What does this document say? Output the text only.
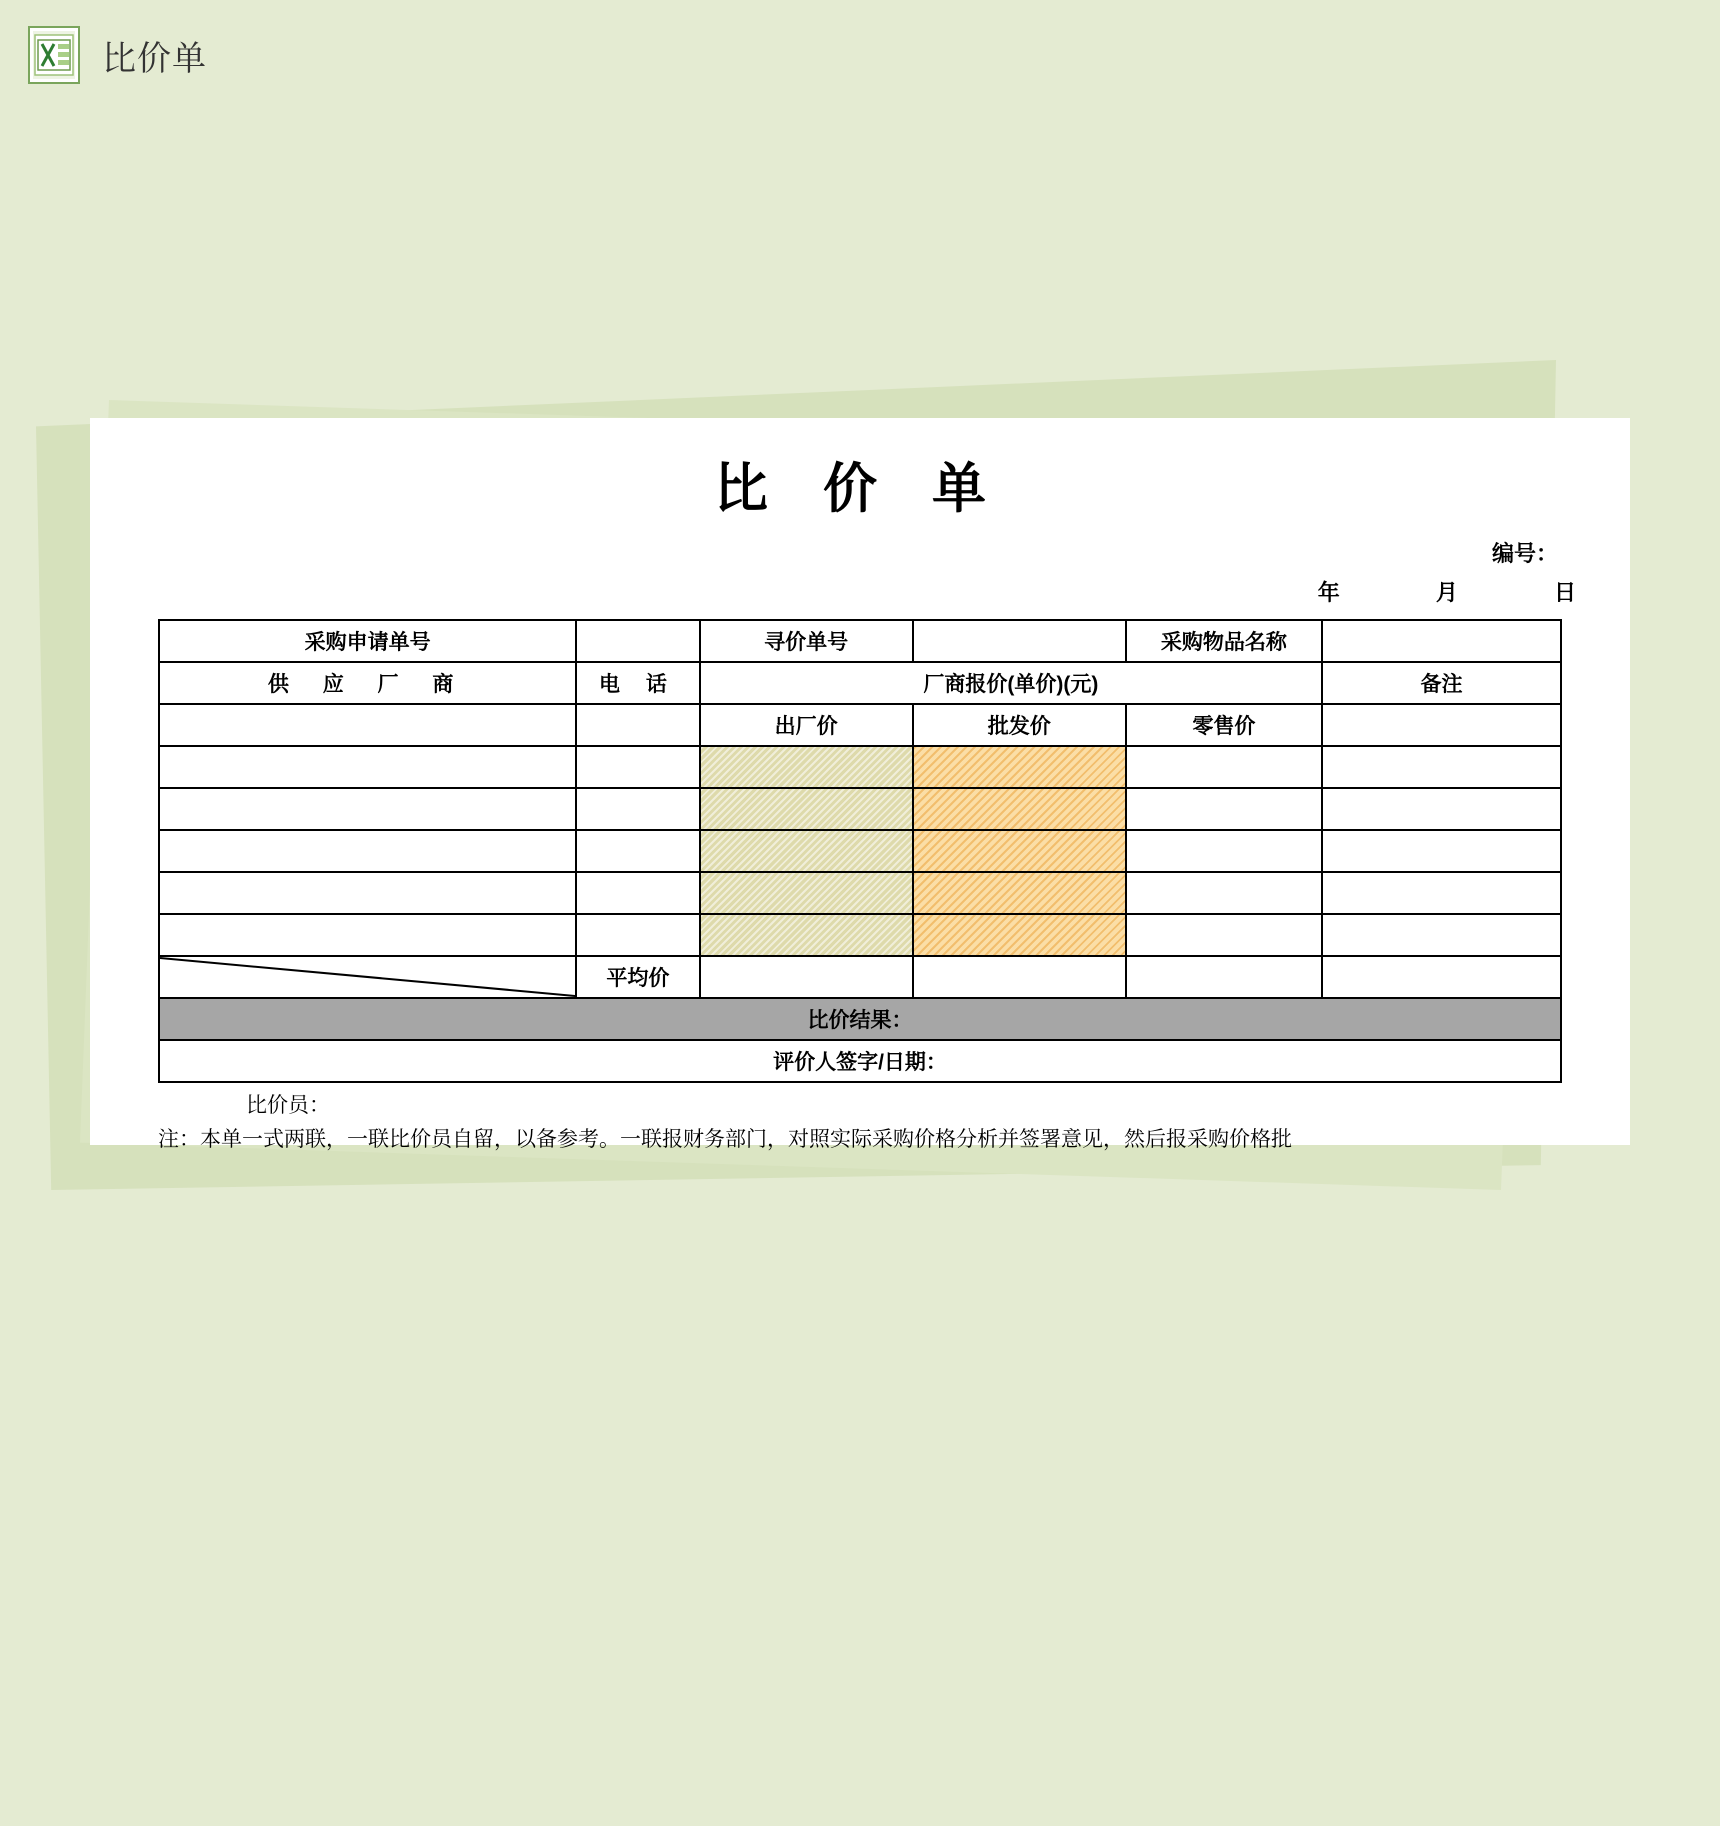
比价单
比 价 单
编号：
年	月	日
采购申请单号		寻价单号		采购物品名称	
供 应 厂 商	电 话	厂商报价(单价)(元)			备注
		出厂价	批发价	零售价	

	平均价				
比价结果：					
评价人签字/日期：					
比价员：
注：本单一式两联，一联比价员自留，以备参考。一联报财务部门，对照实际采购价格分析并签署意见，然后报采购价格批
